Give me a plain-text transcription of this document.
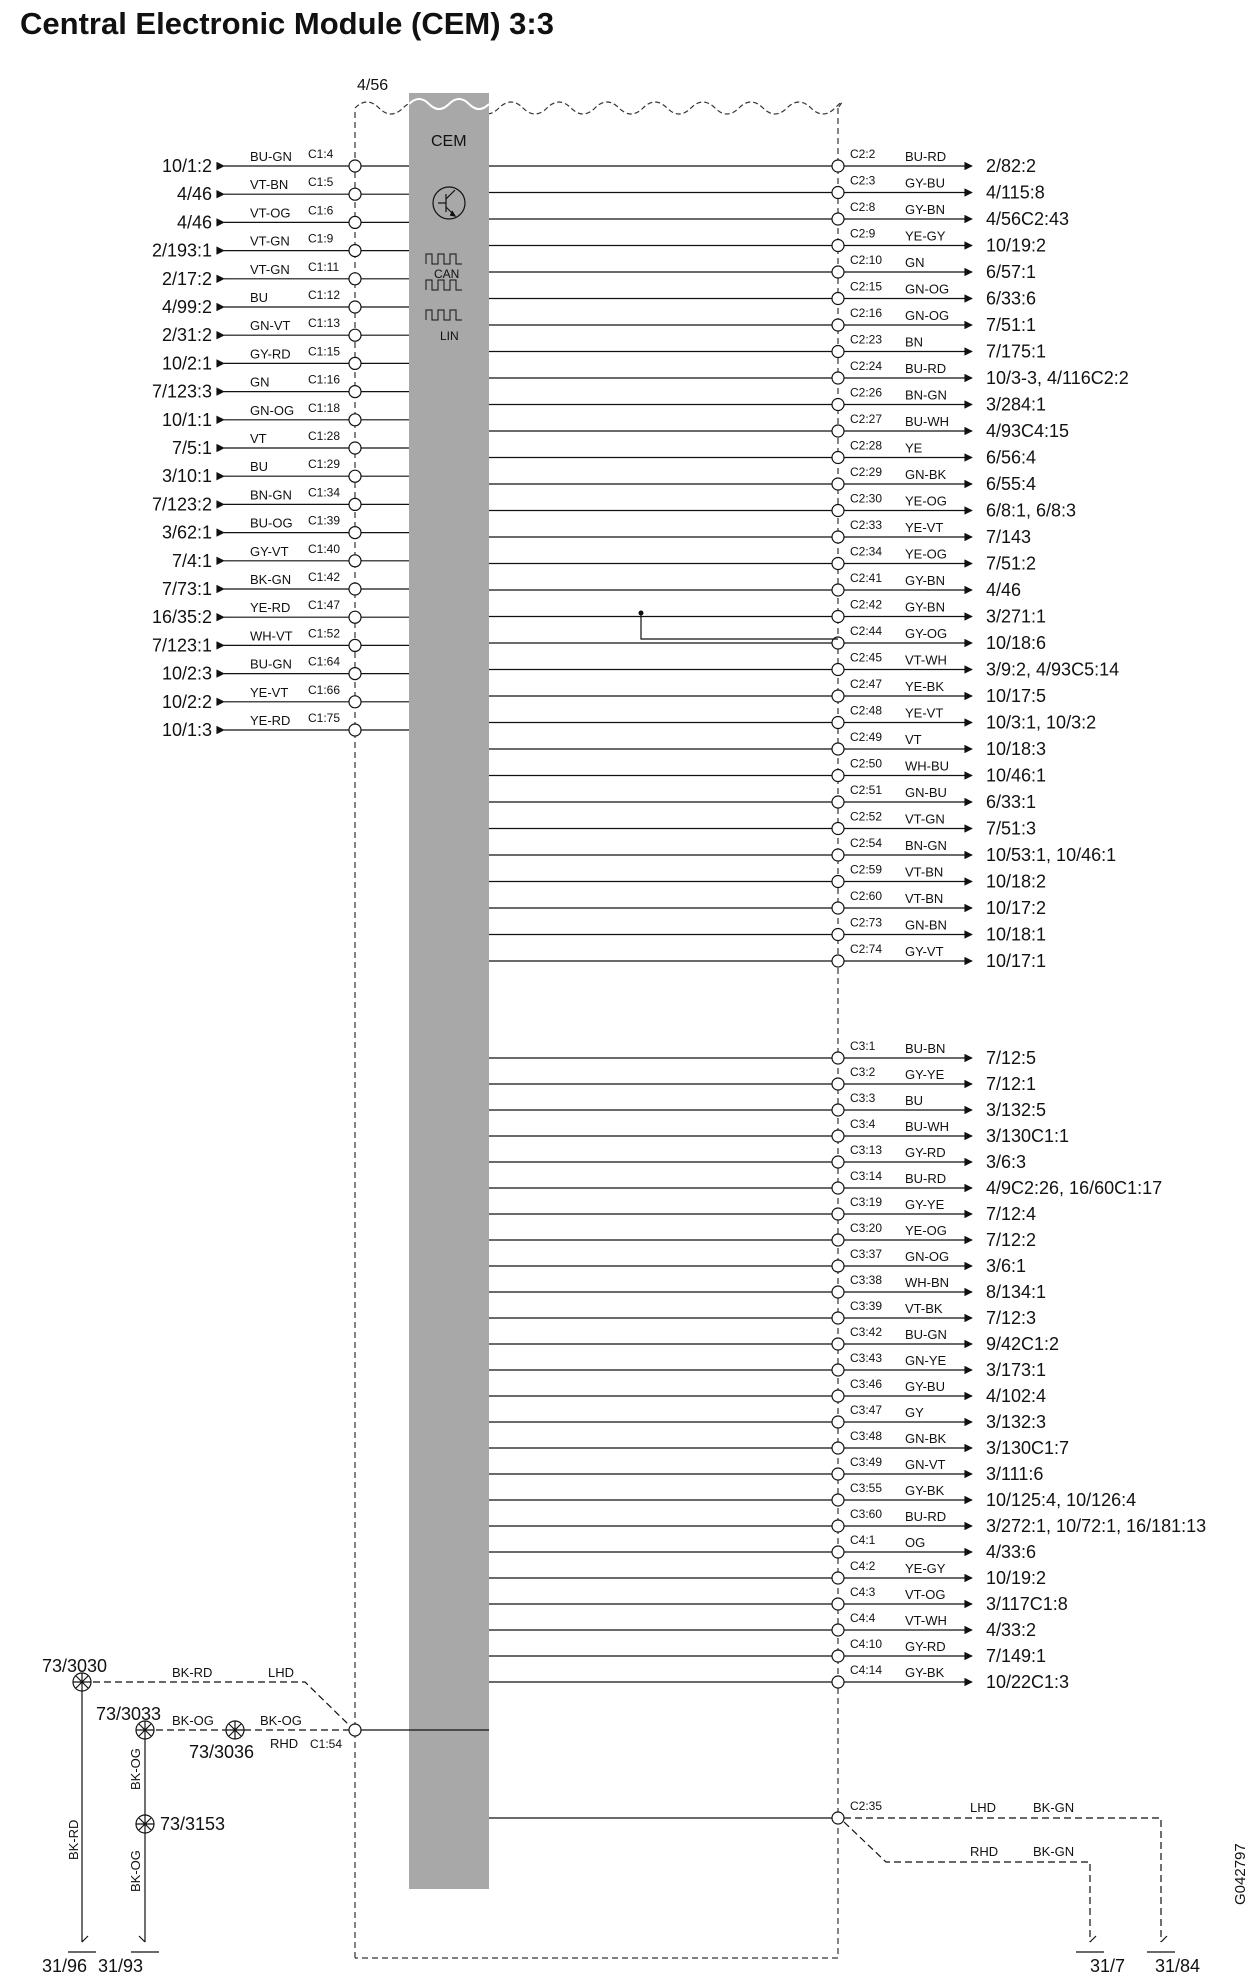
Central Electronic Module (CEM) 3:3
4/56
CEM
CAN
LIN
C1:4
BU-GN
10/1:2
C1:5
VT-BN
4/46
C1:6
VT-OG
4/46
C1:9
VT-GN
2/193:1
C1:11
VT-GN
2/17:2
C1:12
BU
4/99:2
C1:13
GN-VT
2/31:2
C1:15
GY-RD
10/2:1
C1:16
GN
7/123:3
C1:18
GN-OG
10/1:1
C1:28
VT
7/5:1
C1:29
BU
3/10:1
C1:34
BN-GN
7/123:2
C1:39
BU-OG
3/62:1
C1:40
GY-VT
7/4:1
C1:42
BK-GN
7/73:1
C1:47
YE-RD
16/35:2
C1:52
WH-VT
7/123:1
C1:64
BU-GN
10/2:3
C1:66
YE-VT
10/2:2
C1:75
YE-RD
10/1:3
C2:2 BU-RD 2/82:2
C2:3 GY-BU 4/115:8
C2:8 GY-BN 4/56C2:43
C2:9 YE-GY 10/19:2
C2:10 GN	6/57:1
C2:15 GN-OG 6/33:6
C2:16 GN-OG 7/51:1
C2:23 BN	7/175:1
C2:24 BU-RD 10/3-3, 4/116C2:2
C2:26 BN-GN 3/284:1
C2:27 BU-WH 4/93C4:15
C2:28 YE	6/56:4
C2:29 GN-BK 6/55:4
C2:30 YE-OG 6/8:1, 6/8:3
C2:33 YE-VT 7/143
C2:34 YE-OG 7/51:2
C2:41 GY-BN 4/46
C2:42 GY-BN 3/271:1
C2:44 GY-OG 10/18:6
C2:45 VT-WH 3/9:2, 4/93C5:14
C2:47 YE-BK 10/17:5
C2:48 YE-VT 10/3:1, 10/3:2
C2:49 VT	10/18:3
C2:50 WH-BU 10/46:1
C2:51 GN-BU 6/33:1
C2:52 VT-GN 7/51:3
C2:54 BN-GN 10/53:1, 10/46:1
C2:59 VT-BN 10/18:2
C2:60 VT-BN 10/17:2
C2:73 GN-BN 10/18:1
C2:74 GY-VT 10/17:1
C3:1 BU-BN 7/12:5
C3:2 GY-YE 7/12:1
C3:3 BU	3/132:5
C3:4 BU-WH 3/130C1:1
C3:13 GY-RD 3/6:3
C3:14 BU-RD 4/9C2:26, 16/60C1:17
C3:19 GY-YE 7/12:4
C3:20 YE-OG 7/12:2
C3:37 GN-OG 3/6:1
C3:38 WH-BN 8/134:1
C3:39 VT-BK 7/12:3
C3:42 BU-GN 9/42C1:2
C3:43 GN-YE 3/173:1
C3:46 GY-BU 4/102:4
C3:47 GY	3/132:3
C3:48 GN-BK 3/130C1:7
C3:49 GN-VT 3/111:6
C3:55 GY-BK 10/125:4, 10/126:4
C3:60 BU-RD 3/272:1, 10/72:1, 16/181:13
C4:1 OG	4/33:6
C4:2 YE-GY 10/19:2
C4:3 VT-OG 3/117C1:8
C4:4 VT-WH 4/33:2
C4:10 GY-RD 7/149:1
C4:14 GY-BK 10/22C1:3
C1:54
73/3030
73/3033
73/3036
73/3153
BK-RD
BK-OG	BK-OG
LHD
RHD
BK-RD
BK-OG
BK-OG
31/96 31/93
C2:35	LHD	BK-GN
RHD	BK-GN
31/7 31/84
G042797
